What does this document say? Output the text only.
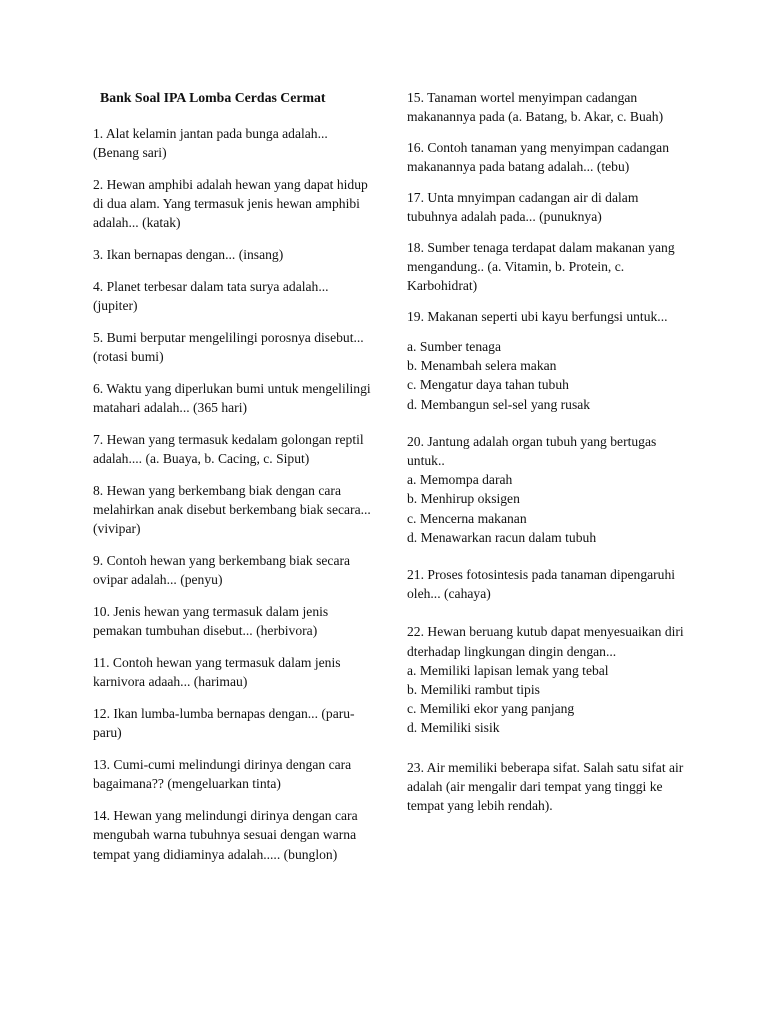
Bank Soal IPA Lomba Cerdas Cermat
1. Alat kelamin jantan pada bunga adalah... (Benang sari)
2. Hewan amphibi adalah hewan yang dapat hidup di dua alam. Yang termasuk jenis hewan amphibi adalah... (katak)
3. Ikan bernapas dengan... (insang)
4. Planet terbesar dalam tata surya adalah... (jupiter)
5. Bumi berputar mengelilingi porosnya disebut... (rotasi bumi)
6. Waktu yang diperlukan bumi untuk mengelilingi matahari adalah... (365 hari)
7. Hewan yang termasuk kedalam golongan reptil adalah.... (a. Buaya, b. Cacing, c. Siput)
8. Hewan yang berkembang biak dengan cara melahirkan anak disebut berkembang biak secara... (vivipar)
9. Contoh hewan yang berkembang biak secara ovipar adalah... (penyu)
10. Jenis hewan yang termasuk dalam jenis pemakan tumbuhan disebut... (herbivora)
11. Contoh hewan yang termasuk dalam jenis karnivora adaah... (harimau)
12. Ikan lumba-lumba bernapas dengan... (paru-paru)
13. Cumi-cumi melindungi dirinya dengan cara bagaimana?? (mengeluarkan tinta)
14. Hewan yang melindungi dirinya dengan cara mengubah warna tubuhnya sesuai dengan warna tempat yang didiaminya adalah..... (bunglon)
15. Tanaman wortel menyimpan cadangan makanannya pada (a. Batang, b. Akar, c. Buah)
16. Contoh tanaman yang menyimpan cadangan makanannya pada batang adalah... (tebu)
17. Unta mnyimpan cadangan air di dalam tubuhnya adalah pada... (punuknya)
18. Sumber tenaga terdapat dalam makanan yang mengandung.. (a. Vitamin, b. Protein, c. Karbohidrat)
19. Makanan seperti ubi kayu berfungsi untuk...
a. Sumber tenaga
b. Menambah selera makan
c. Mengatur daya tahan tubuh
d. Membangun sel-sel yang rusak
20. Jantung adalah organ tubuh yang bertugas untuk..
a. Memompa darah
b. Menhirup oksigen
c. Mencerna makanan
d. Menawarkan racun dalam tubuh
21. Proses fotosintesis pada tanaman dipengaruhi oleh... (cahaya)
22. Hewan beruang kutub dapat menyesuaikan diri dterhadap lingkungan dingin dengan...
a. Memiliki lapisan lemak yang tebal
b. Memiliki rambut tipis
c. Memiliki ekor yang panjang
d. Memiliki sisik
23. Air memiliki beberapa sifat. Salah satu sifat air adalah (air mengalir dari tempat yang tinggi ke tempat yang lebih rendah).
